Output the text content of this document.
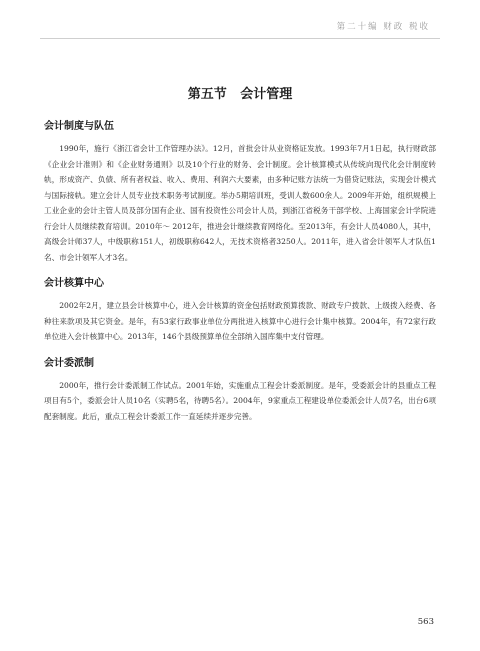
第二十编 财政 税收
第五节   会计管理
会计制度与队伍

1990年，施行《浙江省会计工作管理办法》。12月，首批会计从业资格证发放。1993年7月1日起，执行财政部《企业会计准则》和《企业财务通则》以及10个行业的财务、会计制度。会计核算模式从传统向现代化会计制度转轨，形成资产、负债、所有者权益、收入、费用、利润六大要素，由多种记账方法统一为借贷记账法，实现会计模式与国际接轨。建立会计人员专业技术职务考试制度。举办5期培训班，受训人数600余人。2009年开始，组织规模上工业企业的会计主管人员及部分国有企业、国有投资性公司会计人员，到浙江省税务干部学校、上海国家会计学院进行会计人员继续教育培训。2010年～ 2012年，推进会计继续教育网络化。至2013年，有会计人员4080人，其中，高级会计师37人，中级职称151人，初级职称642人，无技术资格者3250人。2011年，进入省会计领军人才队伍1名、市会计领军人才3名。

会计核算中心

2002年2月，建立县会计核算中心，进入会计核算的资金包括财政预算拨款、财政专户拨款、上级拨入经费、各种往来款项及其它资金。是年，有53家行政事业单位分两批进入核算中心进行会计集中核算。2004年，有72家行政单位进入会计核算中心。2013年，146个县级预算单位全部纳入国库集中支付管理。

会计委派制

2000年，推行会计委派制工作试点。2001年始，实施重点工程会计委派制度。是年，受委派会计的县重点工程项目有5个，委派会计人员10名（实聘5名，待聘5名）。2004年，9家重点工程建设单位委派会计人员7名，出台6项配套制度。此后，重点工程会计委派工作一直延续并逐步完善。

563
